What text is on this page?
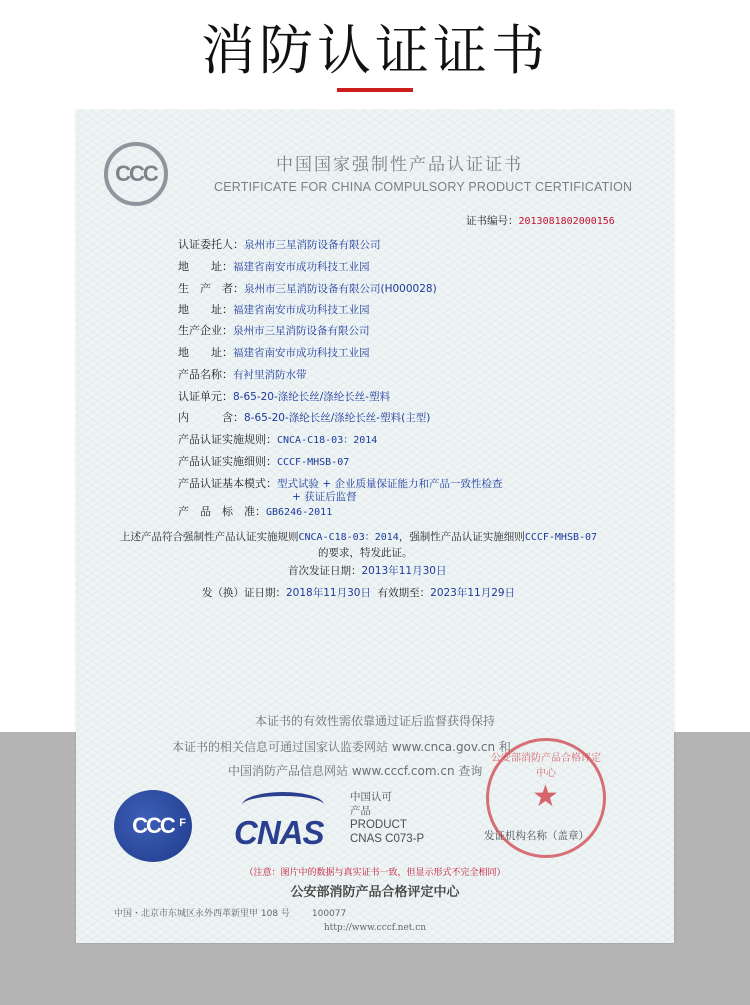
消防认证证书
CCC	中国国家强制性产品认证证书
CERTIFICATE FOR CHINA COMPULSORY PRODUCT CERTIFICATION
证书编号：2013081802000156
认证委托人：泉州市三星消防设备有限公司
地　　址：福建省南安市成功科技工业园
生　产　者：泉州市三星消防设备有限公司(H000028)
地　　址：福建省南安市成功科技工业园
生产企业：泉州市三星消防设备有限公司
地　　址：福建省南安市成功科技工业园
产品名称：有衬里消防水带
认证单元：8-65-20-涤纶长丝/涤纶长丝-塑料
内　　　含：8-65-20-涤纶长丝/涤纶长丝-塑料(主型)
产品认证实施规则：CNCA-C18-03：2014
产品认证实施细则：CCCF-MHSB-07
产品认证基本模式：型式试验 + 企业质量保证能力和产品一致性检查
+ 获证后监督
产　品　标　准：GB6246-2011
上述产品符合强制性产品认证实施规则CNCA-C18-03：2014，强制性产品认证实施细则CCCF-MHSB-07
的要求，特发此证。
首次发证日期：2013年11月30日
发（换）证日期：2018年11月30日 有效期至：2023年11月29日
本证书的有效性需依靠通过证后监督获得保持
本证书的相关信息可通过国家认监委网站 www.cnca.gov.cn 和
中国消防产品信息网站 www.cccf.com.cn 查询
CCC F CNAS
中国认可
产品
PRODUCT
CNAS C073-P
公安部消防产品合格评定中心
★
发证机构名称（盖章）
（注意：图片中的数据与真实证书一致，但显示形式不完全相同）
公安部消防产品合格评定中心
中国・北京市东城区永外西革新里甲 108 号 100077
http://www.cccf.net.cn
